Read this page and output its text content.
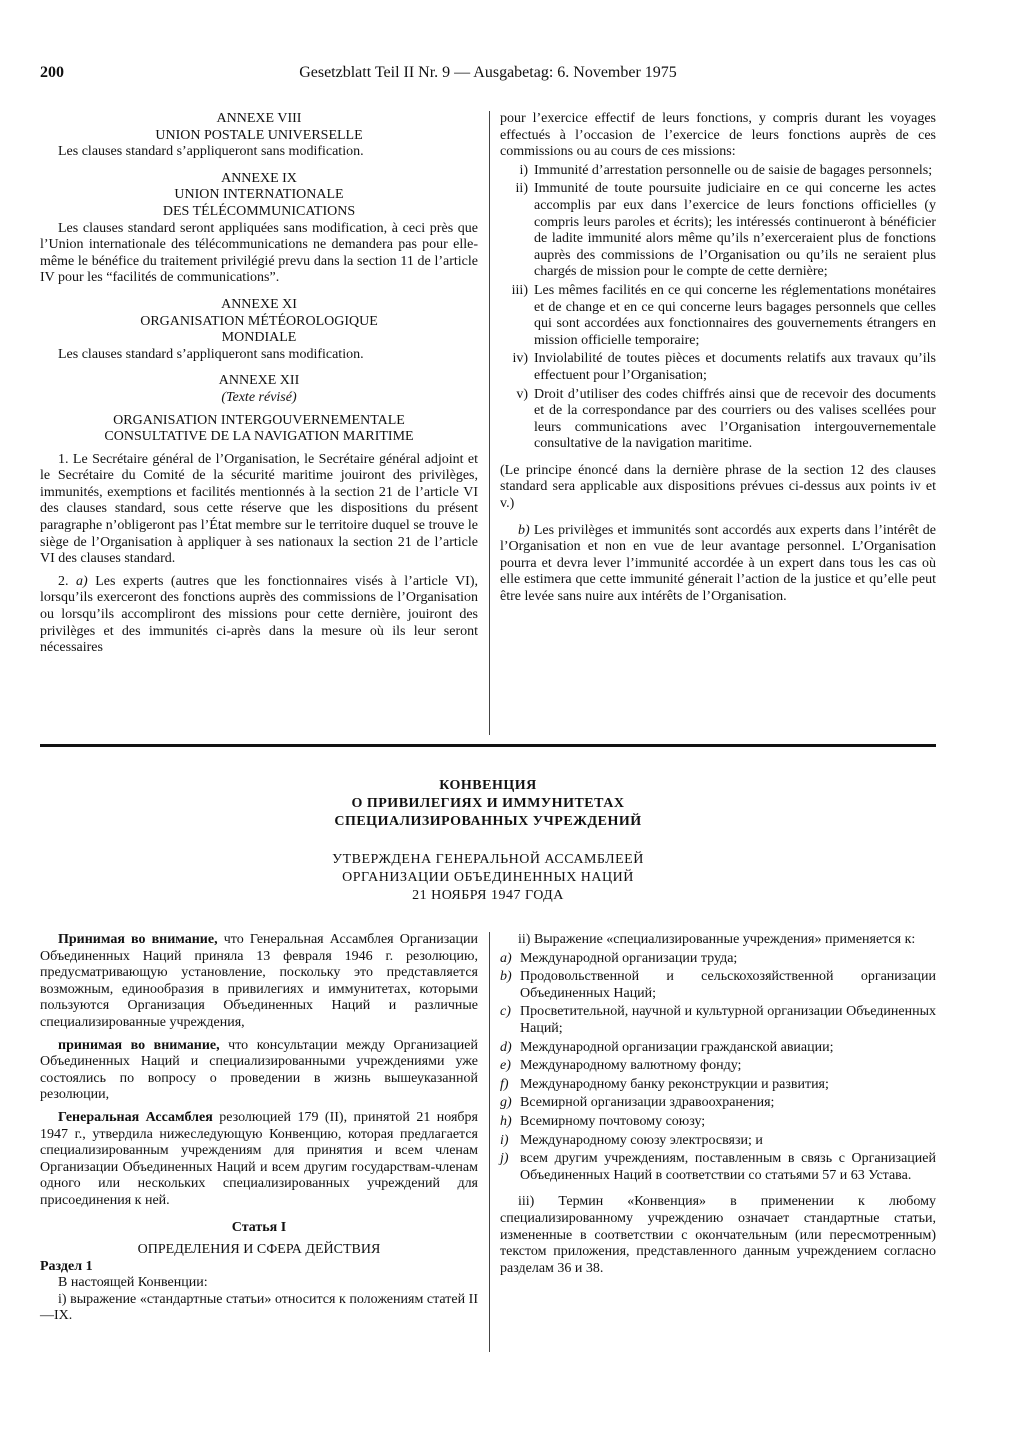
200	Gesetzblatt Teil II Nr. 9 — Ausgabetag: 6. November 1975
ANNEXE VIII
UNION POSTALE UNIVERSELLE

Les clauses standard s’appliqueront sans modification.

ANNEXE IX
UNION INTERNATIONALE
DES TÉLÉCOMMUNICATIONS

Les clauses standard seront appliquées sans modification, à ceci près que l’Union internationale des télécommunications ne demandera pas pour elle-même le bénéfice du traitement privilégié prevu dans la section 11 de l’article IV pour les “facilités de communications”.

ANNEXE XI
ORGANISATION MÉTÉOROLOGIQUE
MONDIALE

Les clauses standard s’appliqueront sans modification.

ANNEXE XII
(Texte révisé)
ORGANISATION INTERGOUVERNEMENTALE
CONSULTATIVE DE LA NAVIGATION MARITIME

1. Le Secrétaire général de l’Organisation, le Secrétaire général adjoint et le Secrétaire du Comité de la sécurité maritime jouiront des privilèges, immunités, exemptions et facilités mentionnés à la section 21 de l’article VI des clauses standard, sous cette réserve que les dispositions du présent paragraphe n’obligeront pas l’État membre sur le territoire duquel se trouve le siège de l’Organisation à appliquer à ses nationaux la section 21 de l’article VI des clauses standard.

2. a) Les experts (autres que les fonctionnaires visés à l’article VI), lorsqu’ils exerceront des fonctions auprès des commissions de l’Organisation ou lorsqu’ils accompliront des missions pour cette dernière, jouiront des privilèges et des immunités ci-après dans la mesure où ils leur seront nécessaires

pour l’exercice effectif de leurs fonctions, y compris durant les voyages effectués à l’occasion de l’exercice de leurs fonctions auprès de ces commissions ou au cours de ces missions:

i) Immunité d’arrestation personnelle ou de saisie de bagages personnels;
ii) Immunité de toute poursuite judiciaire en ce qui concerne les actes accomplis par eux dans l’exercice de leurs fonctions officielles (y compris leurs paroles et écrits); les intéressés continueront à bénéficier de ladite immunité alors même qu’ils n’exerceraient plus de fonctions auprès des commissions de l’Organisation ou qu’ils ne seraient plus chargés de mission pour le compte de cette dernière;
iii) Les mêmes facilités en ce qui concerne les réglementations monétaires et de change et en ce qui concerne leurs bagages personnels que celles qui sont accordées aux fonctionnaires des gouvernements étrangers en mission officielle temporaire;
iv) Inviolabilité de toutes pièces et documents relatifs aux travaux qu’ils effectuent pour l’Organisation;
v) Droit d’utiliser des codes chiffrés ainsi que de recevoir des documents et de la correspondance par des courriers ou des valises scellées pour leurs communications avec l’Organisation intergouvernementale consultative de la navigation maritime.

(Le principe énoncé dans la dernière phrase de la section 12 des clauses standard sera applicable aux dispositions prévues ci-dessus aux points iv et v.)

b) Les privilèges et immunités sont accordés aux experts dans l’intérêt de l’Organisation et non en vue de leur avantage personnel. L’Organisation pourra et devra lever l’immunité accordée à un expert dans tous les cas où elle estimera que cette immunité génerait l’action de la justice et qu’elle peut être levée sans nuire aux intérêts de l’Organisation.

КОНВЕНЦИЯ
О ПРИВИЛЕГИЯХ И ИММУНИТЕТАХ
СПЕЦИАЛИЗИРОВАННЫХ УЧРЕЖДЕНИЙ
УТВЕРЖДЕНА ГЕНЕРАЛЬНОЙ АССАМБЛЕЕЙ
ОРГАНИЗАЦИИ ОБЪЕДИНЕННЫХ НАЦИЙ
21 НОЯБРЯ 1947 ГОДА

Принимая во внимание, что Генеральная Ассамблея Организации Объединенных Наций приняла 13 февраля 1946 г. резолюцию, предусматривающую установление, поскольку это представляется возможным, единообразия в привилегиях и иммунитетах, которыми пользуются Организация Объединенных Наций и различные специализированные учреждения,

принимая во внимание, что консультации между Организацией Объединенных Наций и специализированными учреждениями уже состоялись по вопросу о проведении в жизнь вышеуказанной резолюции,

Генеральная Ассамблея резолюцией 179 (II), принятой 21 ноября 1947 г., утвердила нижеследующую Конвенцию, которая предлагается специализированным учреждениям для принятия и всем членам Организации Объединенных Наций и всем другим государствам-членам одного или нескольких специализированных учреждений для присоединения к ней.

Статья I
ОПРЕДЕЛЕНИЯ И СФЕРА ДЕЙСТВИЯ
Раздел 1

В настоящей Конвенции:

i) выражение «стандартные статьи» относится к положениям статей II—IX.

ii) Выражение «специализированные учреждения» применяется к:

a) Международной организации труда;
b) Продовольственной и сельскохозяйственной организации Объединенных Наций;
c) Просветительной, научной и культурной организации Объединенных Наций;
d) Международной организации гражданской авиации;
e) Международному валютному фонду;
f) Международному банку реконструкции и развития;
g) Всемирной организации здравоохранения;
h) Всемирному почтовому союзу;
i) Международному союзу электросвязи; и
j) всем другим учреждениям, поставленным в связь с Организацией Объединенных Наций в соответствии со статьями 57 и 63 Устава.

iii) Термин «Конвенция» в применении к любому специализированному учреждению означает стандартные статьи, измененные в соответствии с окончательным (или пересмотренным) текстом приложения, представленного данным учреждением согласно разделам 36 и 38.
